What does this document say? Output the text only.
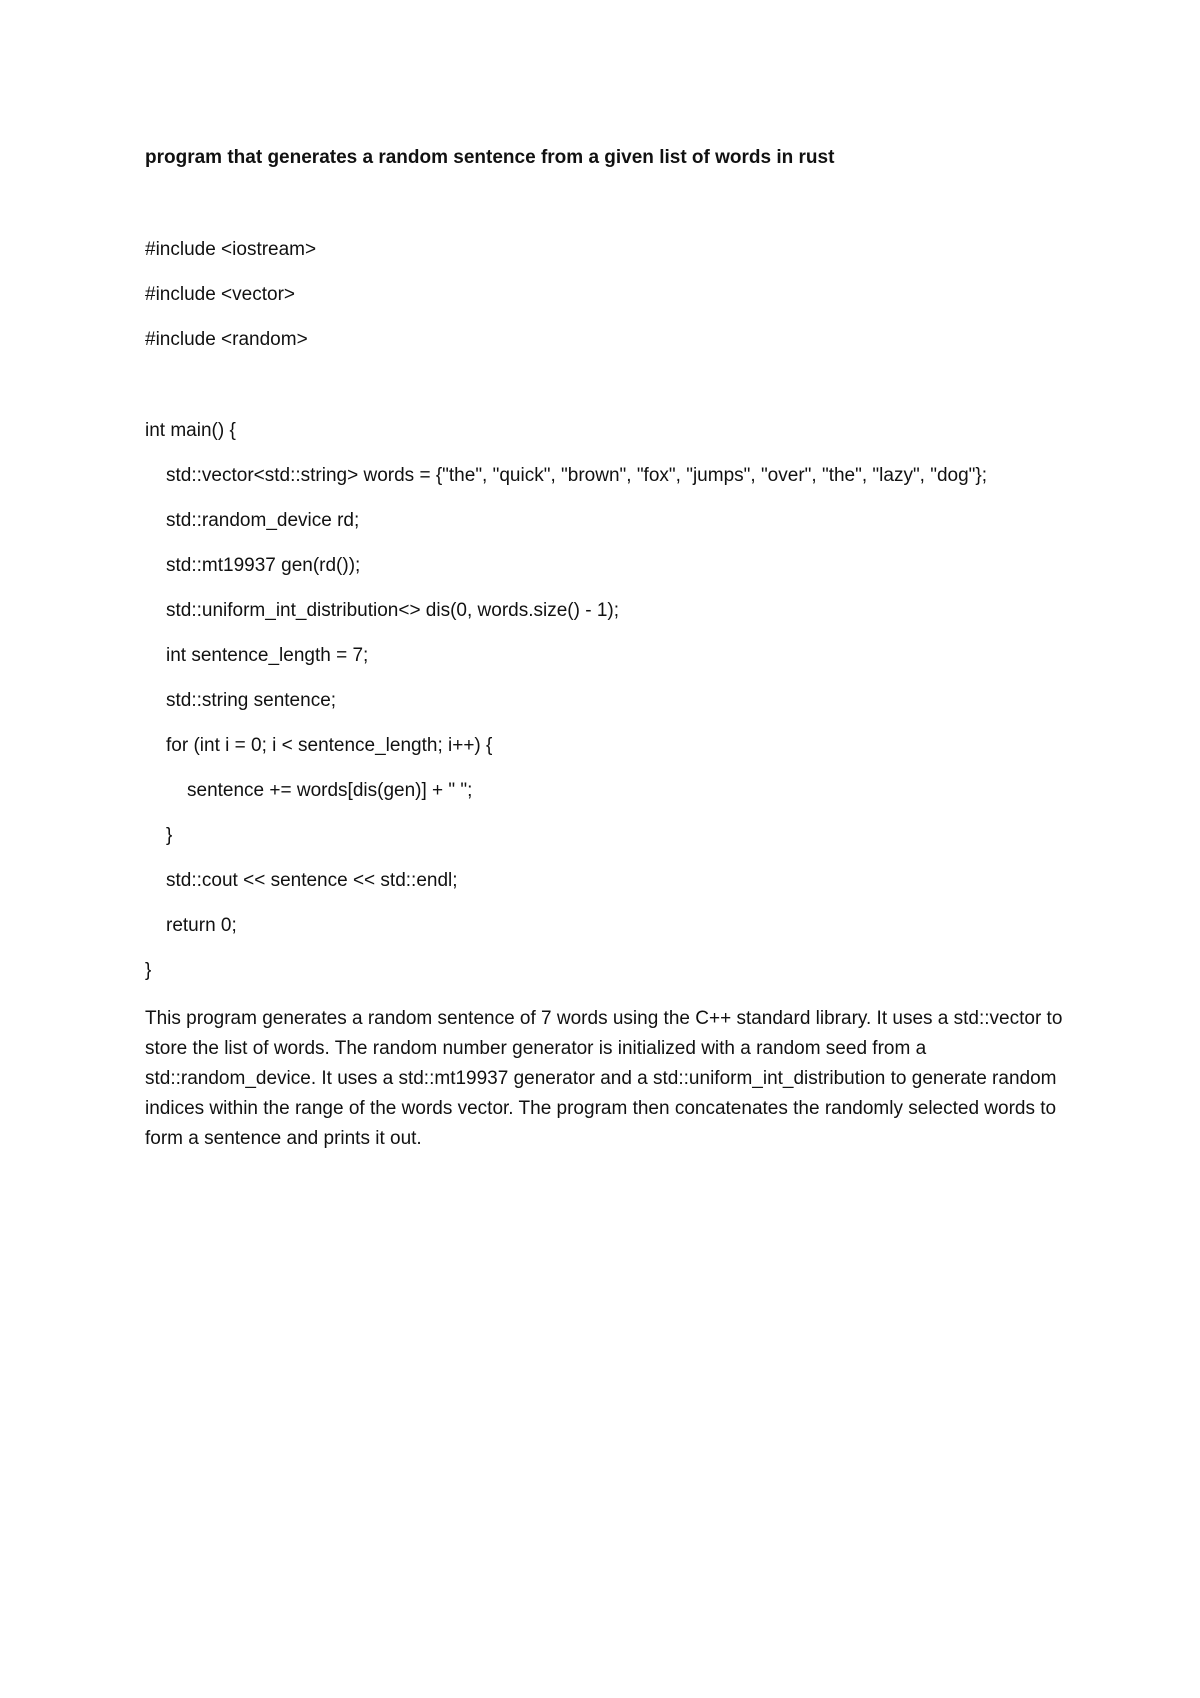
program that generates a random sentence from a given list of words in rust

#include <iostream>

#include <vector>

#include <random>

int main() {

std::vector<std::string> words = {"the", "quick", "brown", "fox", "jumps", "over", "the", "lazy", "dog"};

std::random_device rd;

std::mt19937 gen(rd());

std::uniform_int_distribution<> dis(0, words.size() - 1);

int sentence_length = 7;

std::string sentence;

for (int i = 0; i < sentence_length; i++) {

sentence += words[dis(gen)] + " ";

}

std::cout << sentence << std::endl;

return 0;

}

This program generates a random sentence of 7 words using the C++ standard library. It uses a std::vector to store the list of words. The random number generator is initialized with a random seed from a std::random_device. It uses a std::mt19937 generator and a std::uniform_int_distribution to generate random indices within the range of the words vector. The program then concatenates the randomly selected words to form a sentence and prints it out.
